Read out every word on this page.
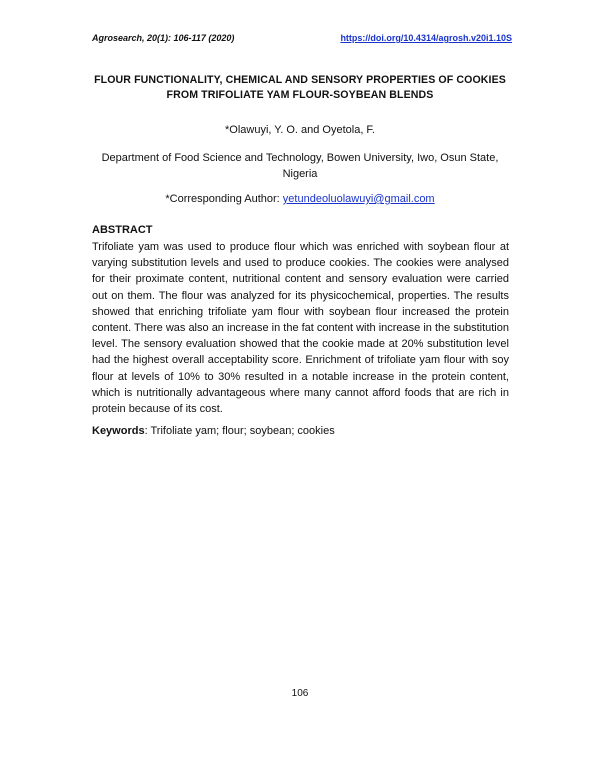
Agrosearch, 20(1): 106-117 (2020)	https://doi.org/10.4314/agrosh.v20i1.10S
FLOUR FUNCTIONALITY, CHEMICAL AND SENSORY PROPERTIES OF COOKIES FROM TRIFOLIATE YAM FLOUR-SOYBEAN BLENDS
*Olawuyi, Y. O. and Oyetola, F.
Department of Food Science and Technology, Bowen University, Iwo, Osun State, Nigeria
*Corresponding Author: yetundeoluolawuyi@gmail.com
ABSTRACT
Trifoliate yam was used to produce flour which was enriched with soybean flour at varying substitution levels and used to produce cookies. The cookies were analysed for their proximate content, nutritional content and sensory evaluation were carried out on them. The flour was analyzed for its physicochemical, properties. The results showed that enriching trifoliate yam flour with soybean flour increased the protein content. There was also an increase in the fat content with increase in the substitution level. The sensory evaluation showed that the cookie made at 20% substitution level had the highest overall acceptability score. Enrichment of trifoliate yam flour with soy flour at levels of 10% to 30% resulted in a notable increase in the protein content, which is nutritionally advantageous where many cannot afford foods that are rich in protein because of its cost.
Keywords: Trifoliate yam; flour; soybean; cookies
106
